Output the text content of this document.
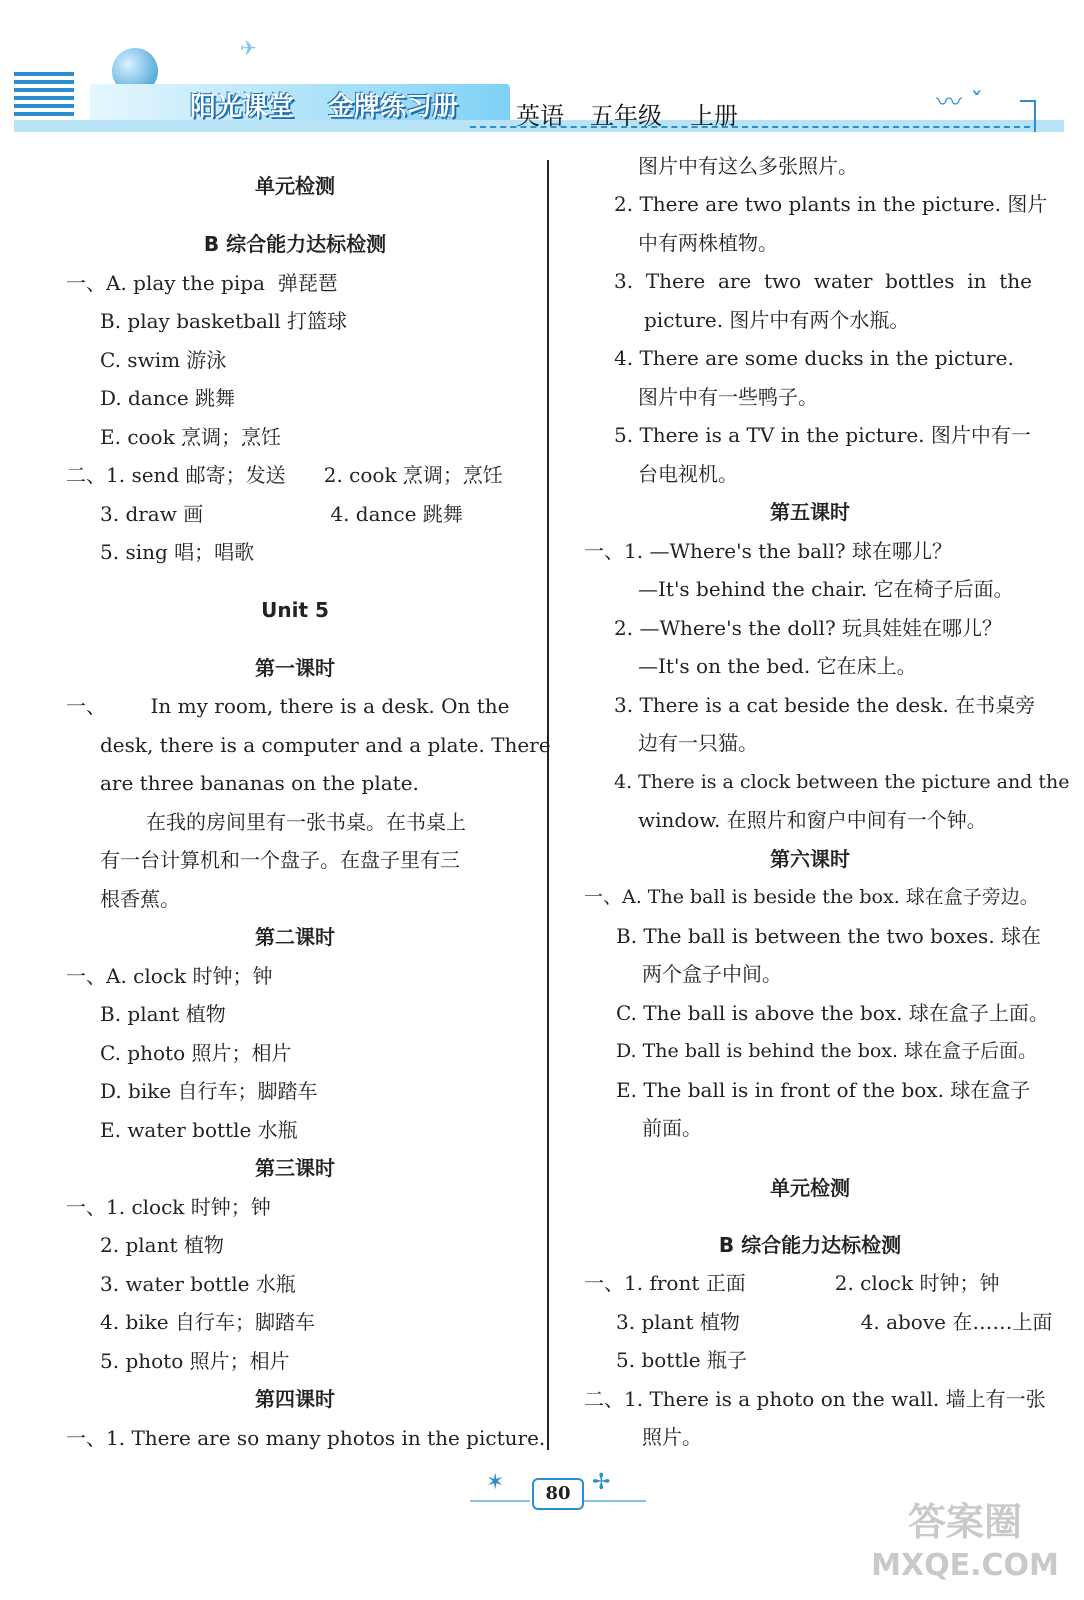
✈
阳光课堂 金牌练习册 英语 五年级 上册	〰 ˇ
单元检测
B 综合能力达标检测
一、A. play the pipa  弹琵琶
B. play basketball 打篮球
C. swim 游泳
D. dance 跳舞
E. cook 烹调；烹饪
二、1. send 邮寄；发送      2. cook 烹调；烹饪
3. draw 画                    4. dance 跳舞
5. sing 唱；唱歌
Unit 5
第一课时
一、       In my room, there is a desk. On the
desk, there is a computer and a plate. There
are three bananas on the plate.
在我的房间里有一张书桌。在书桌上
有一台计算机和一个盘子。在盘子里有三
根香蕉。
第二课时
一、A. clock 时钟；钟
B. plant 植物
C. photo 照片；相片
D. bike 自行车；脚踏车
E. water bottle 水瓶
第三课时
一、1. clock 时钟；钟
2. plant 植物
3. water bottle 水瓶
4. bike 自行车；脚踏车
5. photo 照片；相片
第四课时
一、1. There are so many photos in the picture.
图片中有这么多张照片。
2. There are two plants in the picture. 图片
中有两株植物。
3.  There  are  two  water  bottles  in  the
picture. 图片中有两个水瓶。
4. There are some ducks in the picture.
图片中有一些鸭子。
5. There is a TV in the picture. 图片中有一
台电视机。
第五课时
一、1. —Where's the ball? 球在哪儿？
—It's behind the chair. 它在椅子后面。
2. —Where's the doll? 玩具娃娃在哪儿？
—It's on the bed. 它在床上。
3. There is a cat beside the desk. 在书桌旁
边有一只猫。
4. There is a clock between the picture and the
window. 在照片和窗户中间有一个钟。
第六课时
一、A. The ball is beside the box. 球在盒子旁边。
B. The ball is between the two boxes. 球在
两个盒子中间。
C. The ball is above the box. 球在盒子上面。
D. The ball is behind the box. 球在盒子后面。
E. The ball is in front of the box. 球在盒子
前面。
单元检测
B 综合能力达标检测
一、1. front 正面              2. clock 时钟；钟
3. plant 植物                   4. above 在……上面
5. bottle 瓶子
二、1. There is a photo on the wall. 墙上有一张
照片。
✶	✢
80
答案圈
MXQE.COM
